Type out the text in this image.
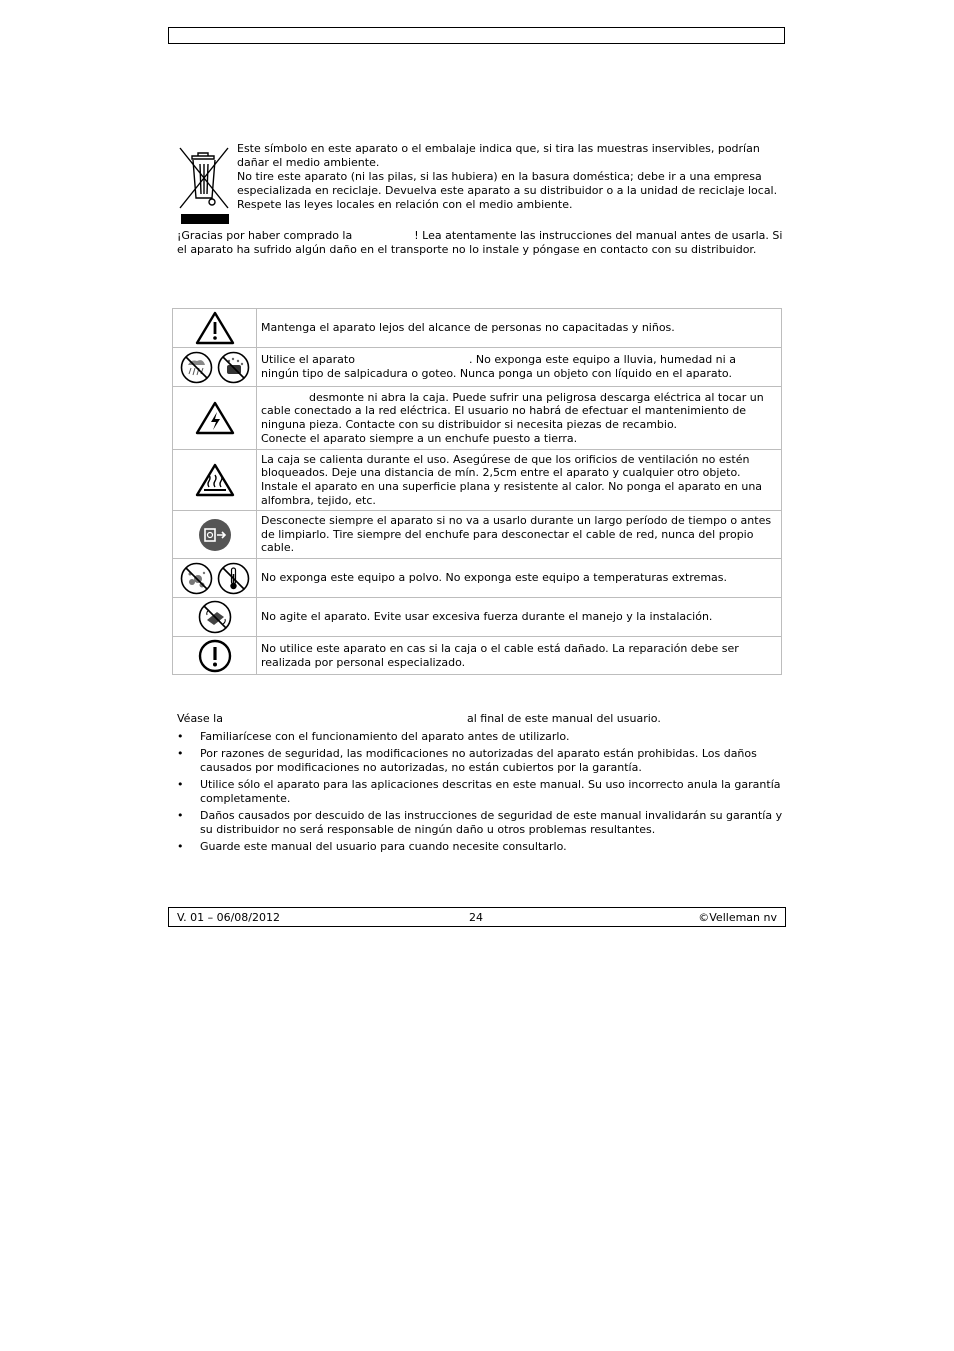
Este símbolo en este aparato o el embalaje indica que, si tira las muestras inservibles, podrían dañar el medio ambiente.
No tire este aparato (ni las pilas, si las hubiera) en la basura doméstica; debe ir a una empresa especializada en reciclaje. Devuelva este aparato a su distribuidor o a la unidad de reciclaje local. Respete las leyes locales en relación con el medio ambiente.
¡Gracias por haber comprado la	! Lea atentamente las instrucciones del manual antes de usarla. Si el aparato ha sufrido algún daño en el transporte no lo instale y póngase en contacto con su distribuidor.
	Mantenga el aparato lejos del alcance de personas no capacitadas y niños.

	Utilice el aparato . No exponga este equipo a lluvia, humedad ni a ningún tipo de salpicadura o goteo. Nunca ponga un objeto con líquido en el aparato.

desmonte ni abra la caja. Puede sufrir una peligrosa descarga eléctrica al tocar un cable conectado a la red eléctrica. El usuario no habrá de efectuar el mantenimiento de ninguna pieza. Contacte con su distribuidor si necesita piezas de recambio.
Conecte el aparato siempre a un enchufe puesto a tierra.

	La caja se calienta durante el uso. Asegúrese de que los orificios de ventilación no estén bloqueados. Deje una distancia de mín. 2,5cm entre el aparato y cualquier otro objeto. Instale el aparato en una superficie plana y resistente al calor. No ponga el aparato en una alfombra, tejido, etc.

	Desconecte siempre el aparato si no va a usarlo durante un largo período de tiempo o antes de limpiarlo. Tire siempre del enchufe para desconectar el cable de red, nunca del propio cable.

	No exponga este equipo a polvo. No exponga este equipo a temperaturas extremas.

	No agite el aparato. Evite usar excesiva fuerza durante el manejo y la instalación.

	No utilice este aparato en cas si la caja o el cable está dañado. La reparación debe ser realizada por personal especializado.
Véase la	al final de este manual del usuario.
• Familiarícese con el funcionamiento del aparato antes de utilizarlo.
• Por razones de seguridad, las modificaciones no autorizadas del aparato están prohibidas. Los daños causados por modificaciones no autorizadas, no están cubiertos por la garantía.
• Utilice sólo el aparato para las aplicaciones descritas en este manual. Su uso incorrecto anula la garantía completamente.
• Daños causados por descuido de las instrucciones de seguridad de este manual invalidarán su garantía y su distribuidor no será responsable de ningún daño u otros problemas resultantes.
• Guarde este manual del usuario para cuando necesite consultarlo.
V. 01 – 06/08/2012	24	©Velleman nv
